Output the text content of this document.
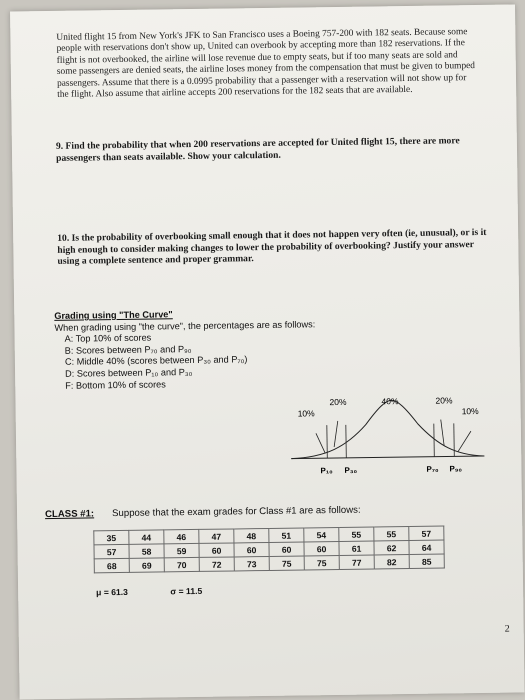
United flight 15 from New York's JFK to San Francisco uses a Boeing 757-200 with 182 seats. Because some people with reservations don't show up, United can overbook by accepting more than 182 reservations. If the flight is not overbooked, the airline will lose revenue due to empty seats, but if too many seats are sold and some passengers are denied seats, the airline loses money from the compensation that must be given to bumped passengers. Assume that there is a 0.0995 probability that a passenger with a reservation will not show up for the flight. Also assume that airline accepts 200 reservations for the 182 seats that are available.

9. Find the probability that when 200 reservations are accepted for United flight 15, there are more passengers than seats available. Show your calculation.

10. Is the probability of overbooking small enough that it does not happen very often (ie, unusual), or is it high enough to consider making changes to lower the probability of overbooking? Justify your answer using a complete sentence and proper grammar.

Grading using "The Curve"
When grading using "the curve", the percentages are as follows:
A: Top 10% of scores
B: Scores between P₇₀ and P₉₀
C: Middle 40% (scores between P₃₀ and P₇₀)
D: Scores between P₁₀ and P₃₀
F: Bottom 10% of scores
20%
10%
40%	20%
10%
P₁₀ P₃₀	P₇₀ P₉₀
CLASS #1: Suppose that the exam grades for Class #1 are as follows:
35	44	46	47	48	51	54	55	55	57
57	58	59	60	60	60	60	61	62	64
68	69	70	72	73	75	75	77	82	85
μ = 61.3	σ = 11.5
2
